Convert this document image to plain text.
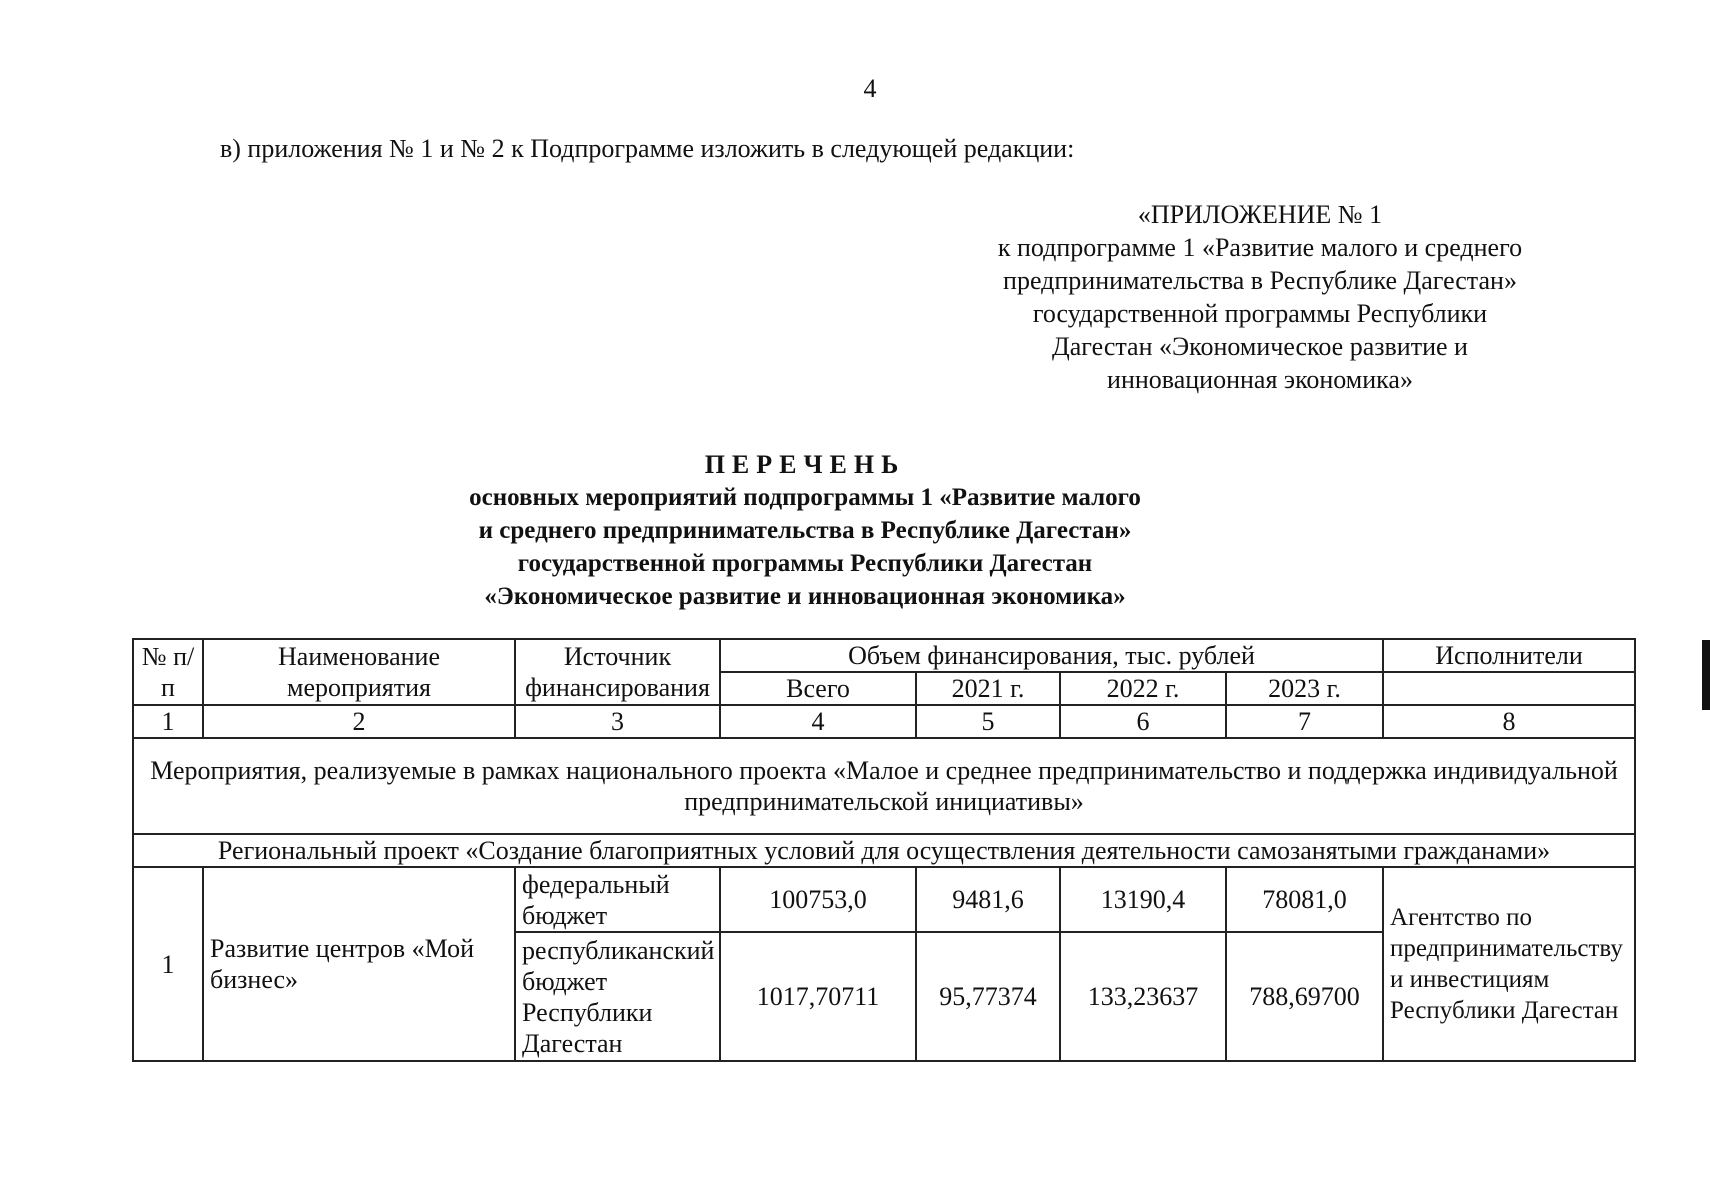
4
в) приложения № 1 и № 2 к Подпрограмме изложить в следующей редакции:
«ПРИЛОЖЕНИЕ № 1
к подпрограмме 1 «Развитие малого и среднего
предпринимательства в Республике Дагестан»
государственной программы Республики
Дагестан «Экономическое развитие и
инновационная экономика»
ПЕРЕЧЕНЬ
основных мероприятий подпрограммы 1 «Развитие малого
и среднего предпринимательства в Республике Дагестан»
государственной программы Республики Дагестан
«Экономическое развитие и инновационная экономика»
№ п/п	Наименование мероприятия	Источник финансирования	Объем финансирования, тыс. рублей				Исполнители
			Всего	2021 г.	2022 г.	2023 г.	
1	2	3	4	5	6	7	8
Мероприятия, реализуемые в рамках национального проекта «Малое и среднее предпринимательство и поддержка индивидуальной предпринимательской инициативы»							
Региональный проект «Создание благоприятных условий для осуществления деятельности самозанятыми гражданами»							
1	Развитие центров «Мой бизнес»	федеральный бюджет	100753,0	9481,6	13190,4	78081,0	Агентство по предпринимательству и инвестициям Республики Дагестан
		республиканский бюджет Республики Дагестан	1017,70711	95,77374	133,23637	788,69700	
